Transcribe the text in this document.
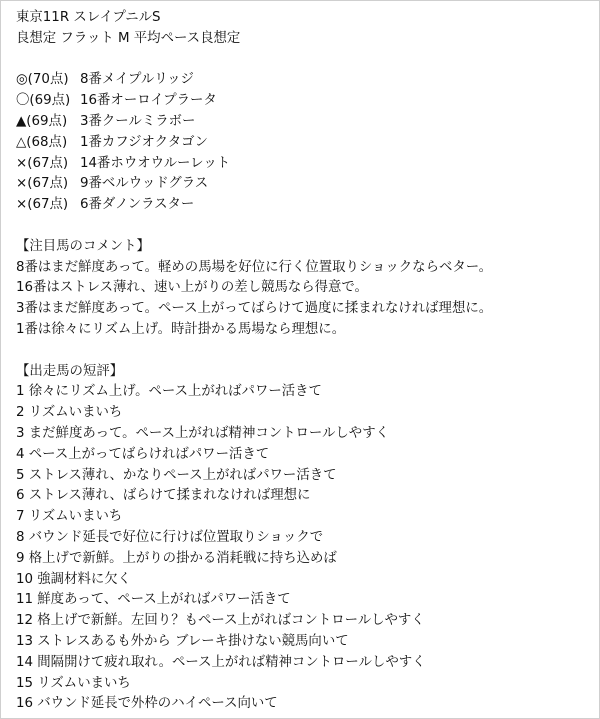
東京11R スレイプニルS
良想定 フラット M 平均ペース良想定
◎(70点) 8番メイプルリッジ
〇(69点) 16番オーロイプラータ
▲(69点) 3番クールミラボー
△(68点) 1番カフジオクタゴン
×(67点) 14番ホウオウルーレット
×(67点) 9番ベルウッドグラス
×(67点) 6番ダノンラスター
【注目馬のコメント】
8番はまだ鮮度あって。軽めの馬場を好位に行く位置取りショックならベター。
16番はストレス薄れ、速い上がりの差し競馬なら得意で。
3番はまだ鮮度あって。ペース上がってばらけて過度に揉まれなければ理想に。
1番は徐々にリズム上げ。時計掛かる馬場なら理想に。
【出走馬の短評】
1 徐々にリズム上げ。ペース上がればパワー活きて
2 リズムいまいち
3 まだ鮮度あって。ペース上がれば精神コントロールしやすく
4 ペース上がってばらければパワー活きて
5 ストレス薄れ、かなりペース上がればパワー活きて
6 ストレス薄れ、ばらけて揉まれなければ理想に
7 リズムいまいち
8 バウンド延長で好位に行けば位置取りショックで
9 格上げで新鮮。上がりの掛かる消耗戦に持ち込めば
10 強調材料に欠く
11 鮮度あって、ペース上がればパワー活きて
12 格上げで新鮮。左回り？もペース上がればコントロールしやすく
13 ストレスあるも外から ブレーキ掛けない競馬向いて
14 間隔開けて疲れ取れ。ペース上がれば精神コントロールしやすく
15 リズムいまいち
16 バウンド延長で外枠のハイペース向いて
